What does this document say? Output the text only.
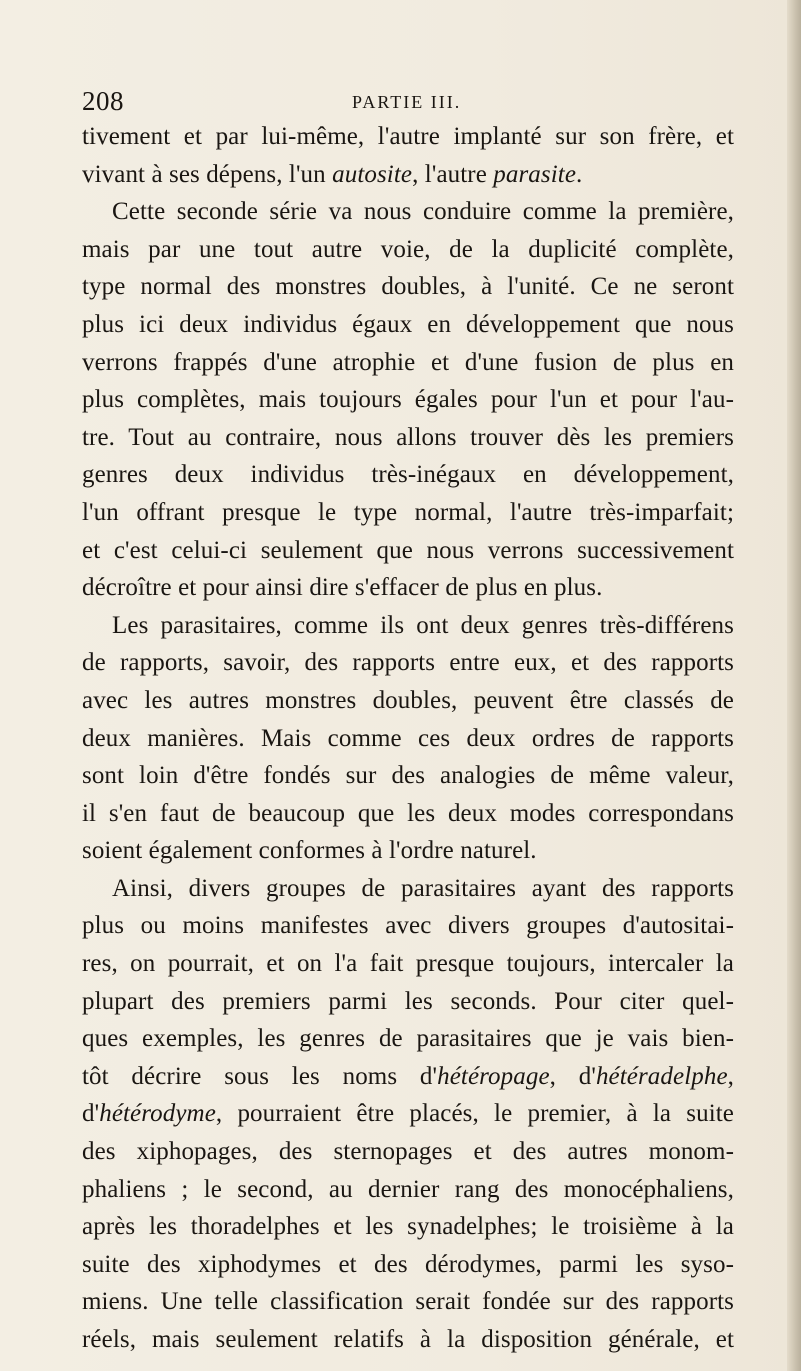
208	PARTIE III.
tivement et par lui-même, l'autre implanté sur son frère, et
vivant à ses dépens, l'un autosite, l'autre parasite.
Cette seconde série va nous conduire comme la première,
mais par une tout autre voie, de la duplicité complète,
type normal des monstres doubles, à l'unité. Ce ne seront
plus ici deux individus égaux en développement que nous
verrons frappés d'une atrophie et d'une fusion de plus en
plus complètes, mais toujours égales pour l'un et pour l'au-
tre. Tout au contraire, nous allons trouver dès les premiers
genres deux individus très-inégaux en développement,
l'un offrant presque le type normal, l'autre très-imparfait;
et c'est celui-ci seulement que nous verrons successivement
décroître et pour ainsi dire s'effacer de plus en plus.
Les parasitaires, comme ils ont deux genres très-différens
de rapports, savoir, des rapports entre eux, et des rapports
avec les autres monstres doubles, peuvent être classés de
deux manières. Mais comme ces deux ordres de rapports
sont loin d'être fondés sur des analogies de même valeur,
il s'en faut de beaucoup que les deux modes correspondans
soient également conformes à l'ordre naturel.
Ainsi, divers groupes de parasitaires ayant des rapports
plus ou moins manifestes avec divers groupes d'autositai-
res, on pourrait, et on l'a fait presque toujours, intercaler la
plupart des premiers parmi les seconds. Pour citer quel-
ques exemples, les genres de parasitaires que je vais bien-
tôt décrire sous les noms d'hétéropage, d'hétéradelphe,
d'hétérodyme, pourraient être placés, le premier, à la suite
des xiphopages, des sternopages et des autres monom-
phaliens ; le second, au dernier rang des monocéphaliens,
après les thoradelphes et les synadelphes; le troisième à la
suite des xiphodymes et des dérodymes, parmi les syso-
miens. Une telle classification serait fondée sur des rapports
réels, mais seulement relatifs à la disposition générale, et
